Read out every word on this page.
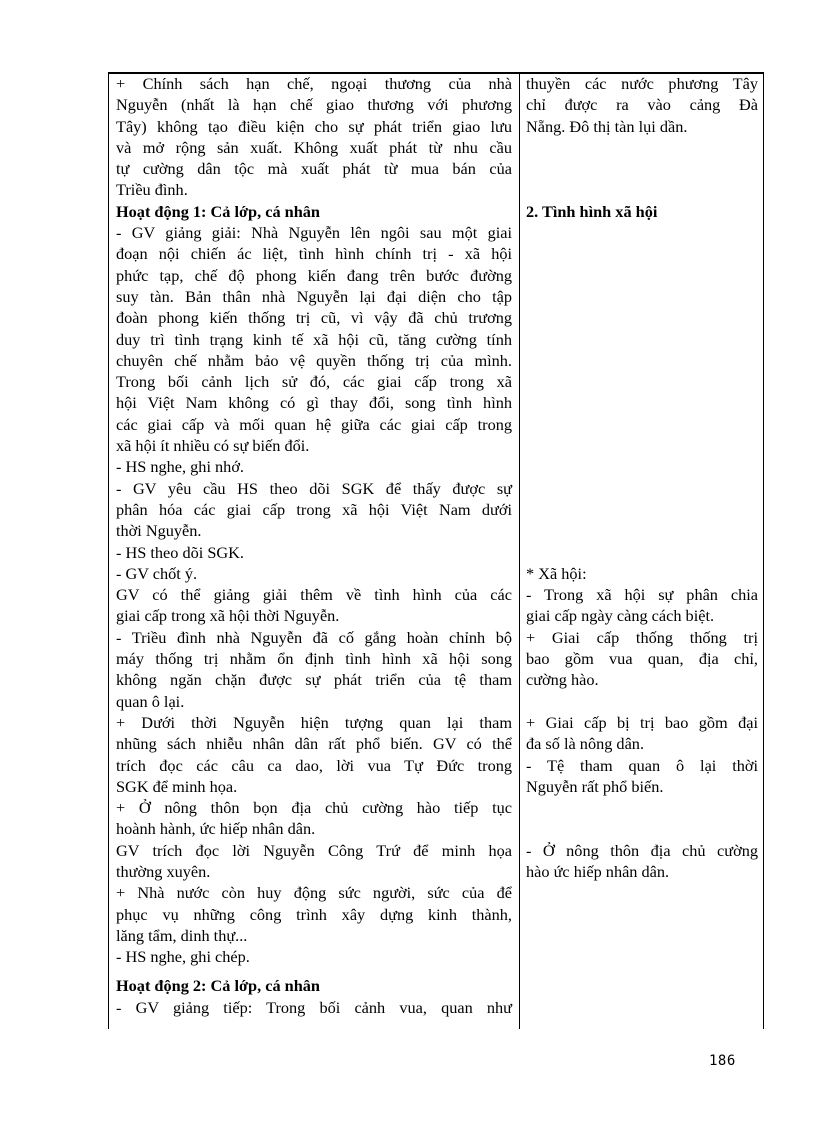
+ Chính sách hạn chế, ngoại thương của nhà
Nguyễn (nhất là hạn chế giao thương với phương
Tây) không tạo điều kiện cho sự phát triển giao lưu
và mở rộng sản xuất. Không xuất phát từ nhu cầu
tự cường dân tộc mà xuất phát từ mua bán của
Triều đình.
Hoạt động 1: Cả lớp, cá nhân
- GV giảng giải: Nhà Nguyễn lên ngôi sau một giai
đoạn nội chiến ác liệt, tình hình chính trị - xã hội
phức tạp, chế độ phong kiến đang trên bước đường
suy tàn. Bản thân nhà Nguyễn lại đại diện cho tập
đoàn phong kiến thống trị cũ, vì vậy đã chủ trương
duy trì tình trạng kinh tế xã hội cũ, tăng cường tính
chuyên chế nhằm bảo vệ quyền thống trị của mình.
Trong bối cảnh lịch sử đó, các giai cấp trong xã
hội Việt Nam không có gì thay đổi, song tình hình
các giai cấp và mối quan hệ giữa các giai cấp trong
xã hội ít nhiều có sự biến đổi.
- HS nghe, ghi nhớ.
- GV yêu cầu HS theo dõi SGK để thấy được sự
phân hóa các giai cấp trong xã hội Việt Nam dưới
thời Nguyễn.
- HS theo dõi SGK.
- GV chốt ý.
GV có thể giảng giải thêm về tình hình của các
giai cấp trong xã hội thời Nguyễn.
- Triều đình nhà Nguyễn đã cố gắng hoàn chỉnh bộ
máy thống trị nhằm ổn định tình hình xã hội song
không ngăn chặn được sự phát triển của tệ tham
quan ô lại.
+ Dưới thời Nguyễn hiện tượng quan lại tham
nhũng sách nhiễu nhân dân rất phổ biến. GV có thể
trích đọc các câu ca dao, lời vua Tự Đức trong
SGK để minh họa.
+ Ở nông thôn bọn địa chủ cường hào tiếp tục
hoành hành, ức hiếp nhân dân.
GV trích đọc lời Nguyễn Công Trứ để minh họa
thường xuyên.
+ Nhà nước còn huy động sức người, sức của để
phục vụ những công trình xây dựng kinh thành,
lăng tẩm, dinh thự...
- HS nghe, ghi chép.
Hoạt động 2: Cả lớp, cá nhân
- GV giảng tiếp: Trong bối cảnh vua, quan như
thuyền các nước phương Tây
chỉ được ra vào cảng Đà
Nẵng. Đô thị tàn lụi dần.
2. Tình hình xã hội
* Xã hội:
- Trong xã hội sự phân chia
giai cấp ngày càng cách biệt.
+ Giai cấp thống thống trị
bao gồm vua quan, địa chỉ,
cường hào.
+ Giai cấp bị trị bao gồm đại
đa số là nông dân.
- Tệ tham quan ô lại thời
Nguyễn rất phổ biến.
- Ở nông thôn địa chủ cường
hào ức hiếp nhân dân.
186
